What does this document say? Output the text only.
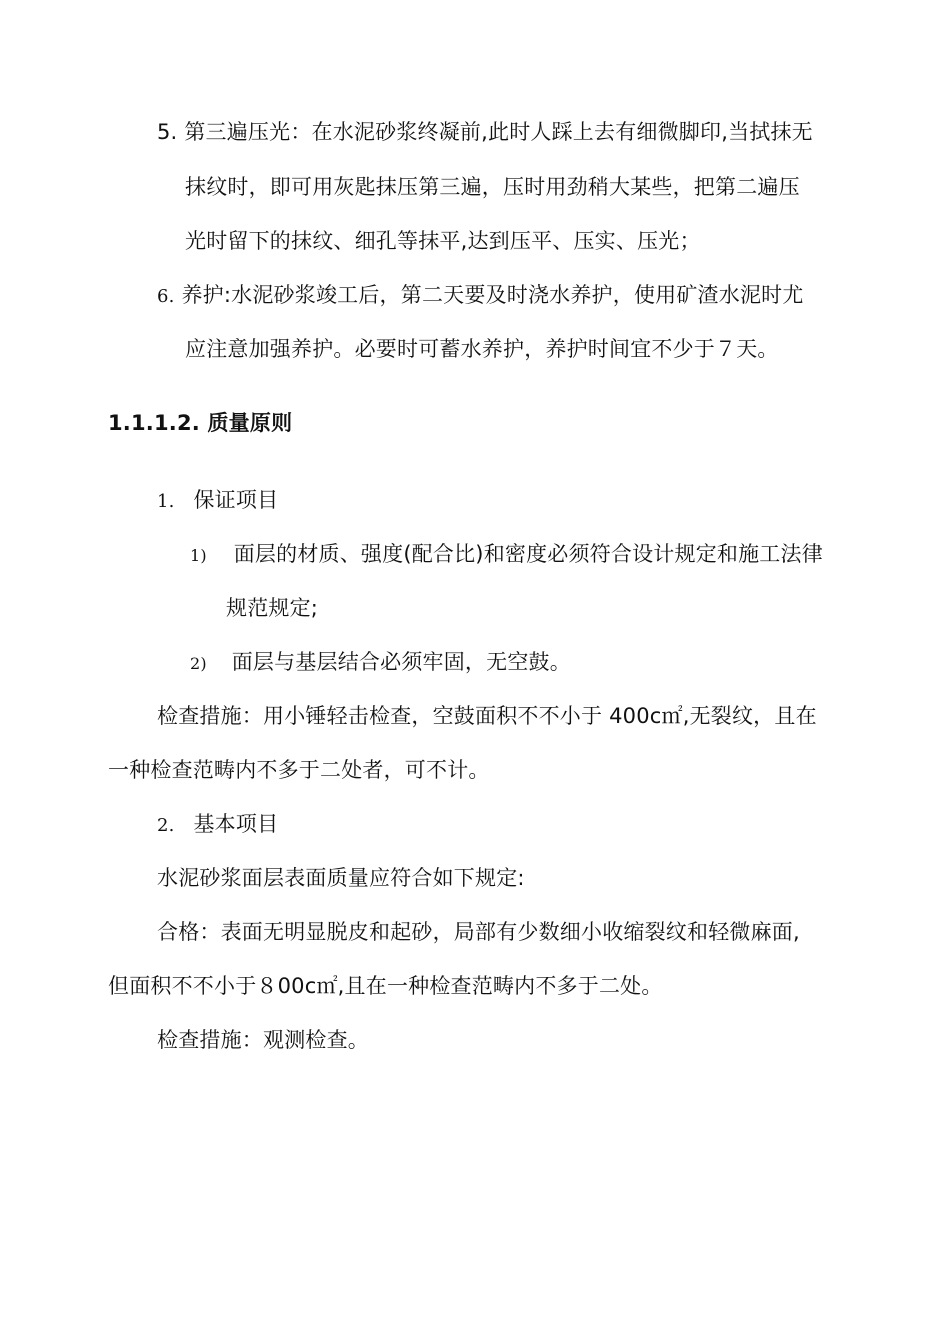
5. 第三遍压光：在水泥砂浆终凝前,此时人踩上去有细微脚印,当拭抹无
抹纹时，即可用灰匙抹压第三遍，压时用劲稍大某些，把第二遍压
光时留下的抹纹、细孔等抹平,达到压平、压实、压光；
6. 养护:水泥砂浆竣工后，第二天要及时浇水养护，使用矿渣水泥时尤
应注意加强养护。必要时可蓄水养护，养护时间宜不少于７天。
1.1.1.2. 质量原则
1. 保证项目
1) 面层的材质、强度(配合比)和密度必须符合设计规定和施工法律
规范规定;
2) 面层与基层结合必须牢固，无空鼓。
检查措施：用小锤轻击检查，空鼓面积不不小于 400c㎡,无裂纹，且在
一种检查范畴内不多于二处者，可不计。
2. 基本项目
水泥砂浆面层表面质量应符合如下规定:
合格：表面无明显脱皮和起砂，局部有少数细小收缩裂纹和轻微麻面,
但面积不不小于８00c㎡,且在一种检查范畴内不多于二处。
检查措施：观测检查。
